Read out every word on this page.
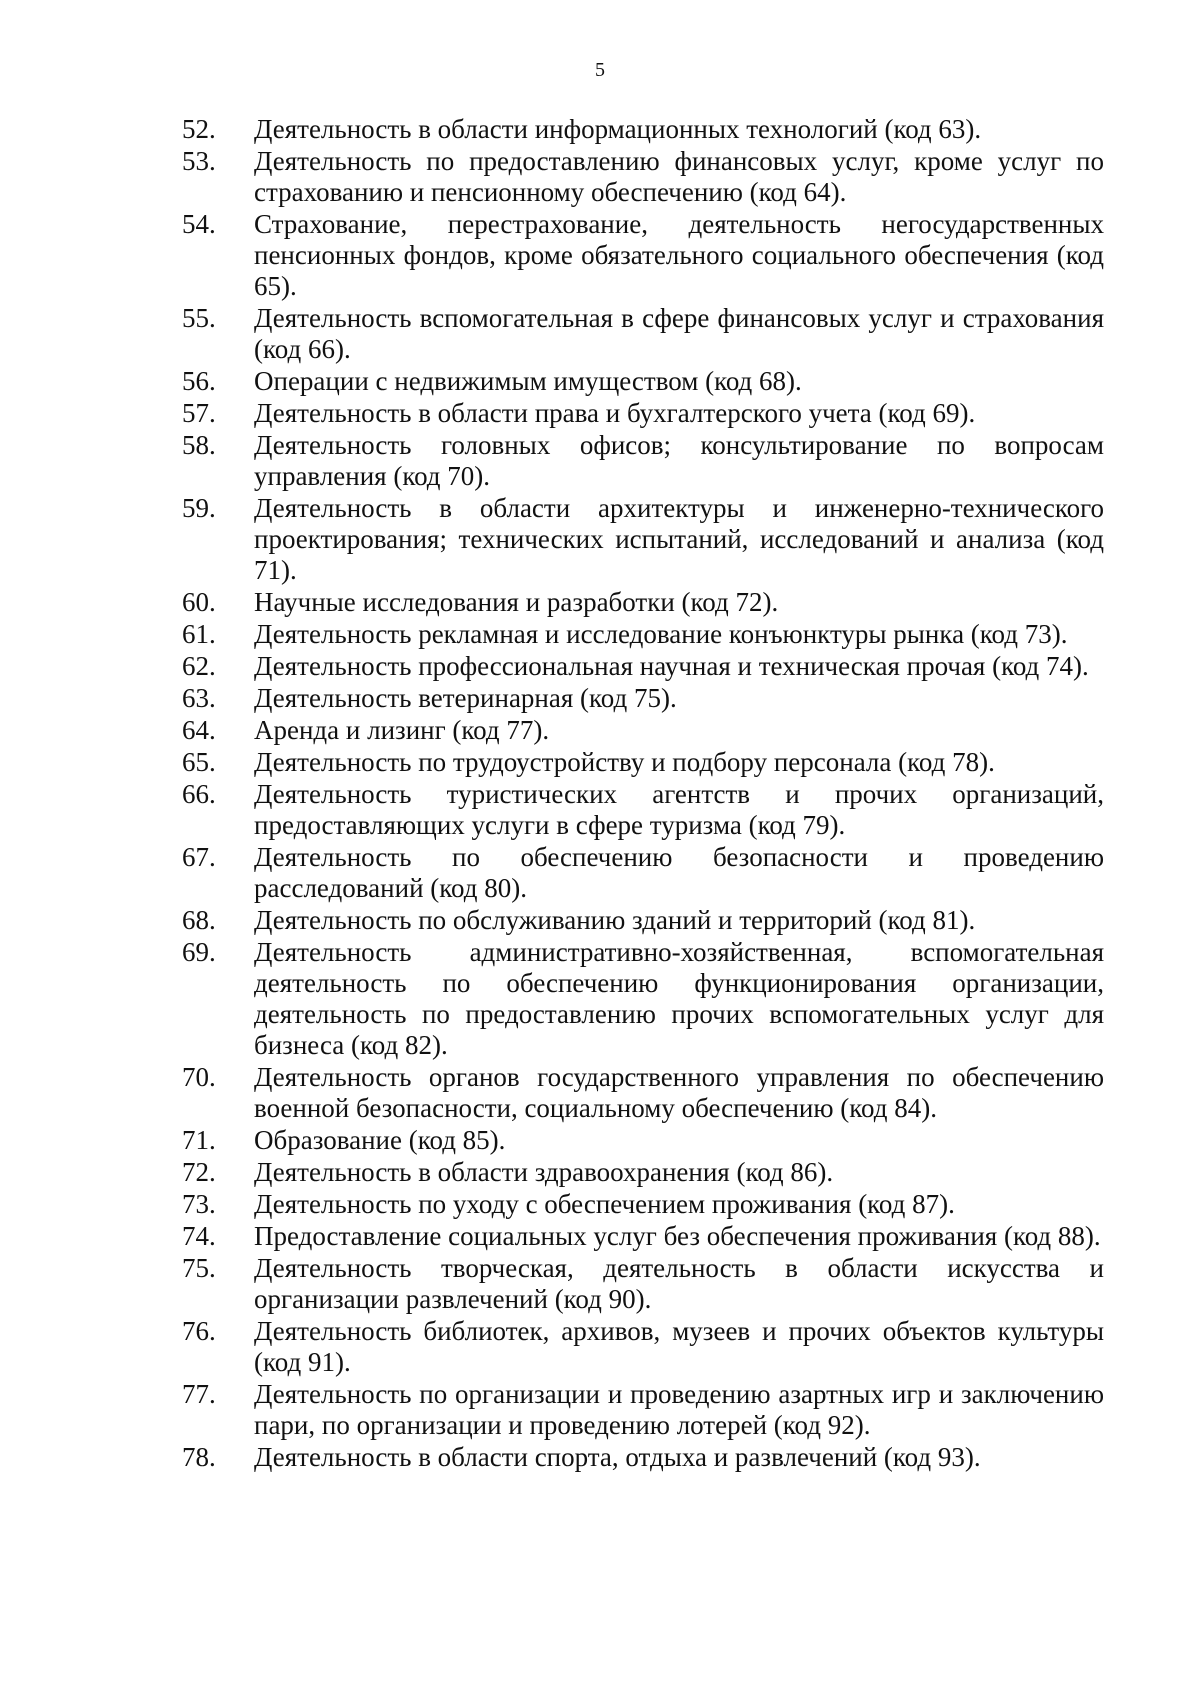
5
52.	Деятельность в области информационных технологий (код 63).
53.	Деятельность по предоставлению финансовых услуг, кроме услуг по страхованию и пенсионному обеспечению (код 64).
54.	Страхование, перестрахование, деятельность негосударственных пенсионных фондов, кроме обязательного социального обеспечения (код 65).
55.	Деятельность вспомогательная в сфере финансовых услуг и страхования (код 66).
56.	Операции с недвижимым имуществом (код 68).
57.	Деятельность в области права и бухгалтерского учета (код 69).
58.	Деятельность головных офисов; консультирование по вопросам управления (код 70).
59.	Деятельность в области архитектуры и инженерно-технического проектирования; технических испытаний, исследований и анализа (код 71).
60.	Научные исследования и разработки (код 72).
61.	Деятельность рекламная и исследование конъюнктуры рынка (код 73).
62.	Деятельность профессиональная научная и техническая прочая (код 74).
63.	Деятельность ветеринарная (код 75).
64.	Аренда и лизинг (код 77).
65.	Деятельность по трудоустройству и подбору персонала (код 78).
66.	Деятельность туристических агентств и прочих организаций, предоставляющих услуги в сфере туризма (код 79).
67.	Деятельность по обеспечению безопасности и проведению расследований (код 80).
68.	Деятельность по обслуживанию зданий и территорий (код 81).
69.	Деятельность административно-хозяйственная, вспомогательная деятельность по обеспечению функционирования организации, деятельность по предоставлению прочих вспомогательных услуг для бизнеса (код 82).
70.	Деятельность органов государственного управления по обеспечению военной безопасности, социальному обеспечению (код 84).
71.	Образование (код 85).
72.	Деятельность в области здравоохранения (код 86).
73.	Деятельность по уходу с обеспечением проживания (код 87).
74.	Предоставление социальных услуг без обеспечения проживания (код 88).
75.	Деятельность творческая, деятельность в области искусства и организации развлечений (код 90).
76.	Деятельность библиотек, архивов, музеев и прочих объектов культуры (код 91).
77.	Деятельность по организации и проведению азартных игр и заключению пари, по организации и проведению лотерей (код 92).
78.	Деятельность в области спорта, отдыха и развлечений (код 93).
